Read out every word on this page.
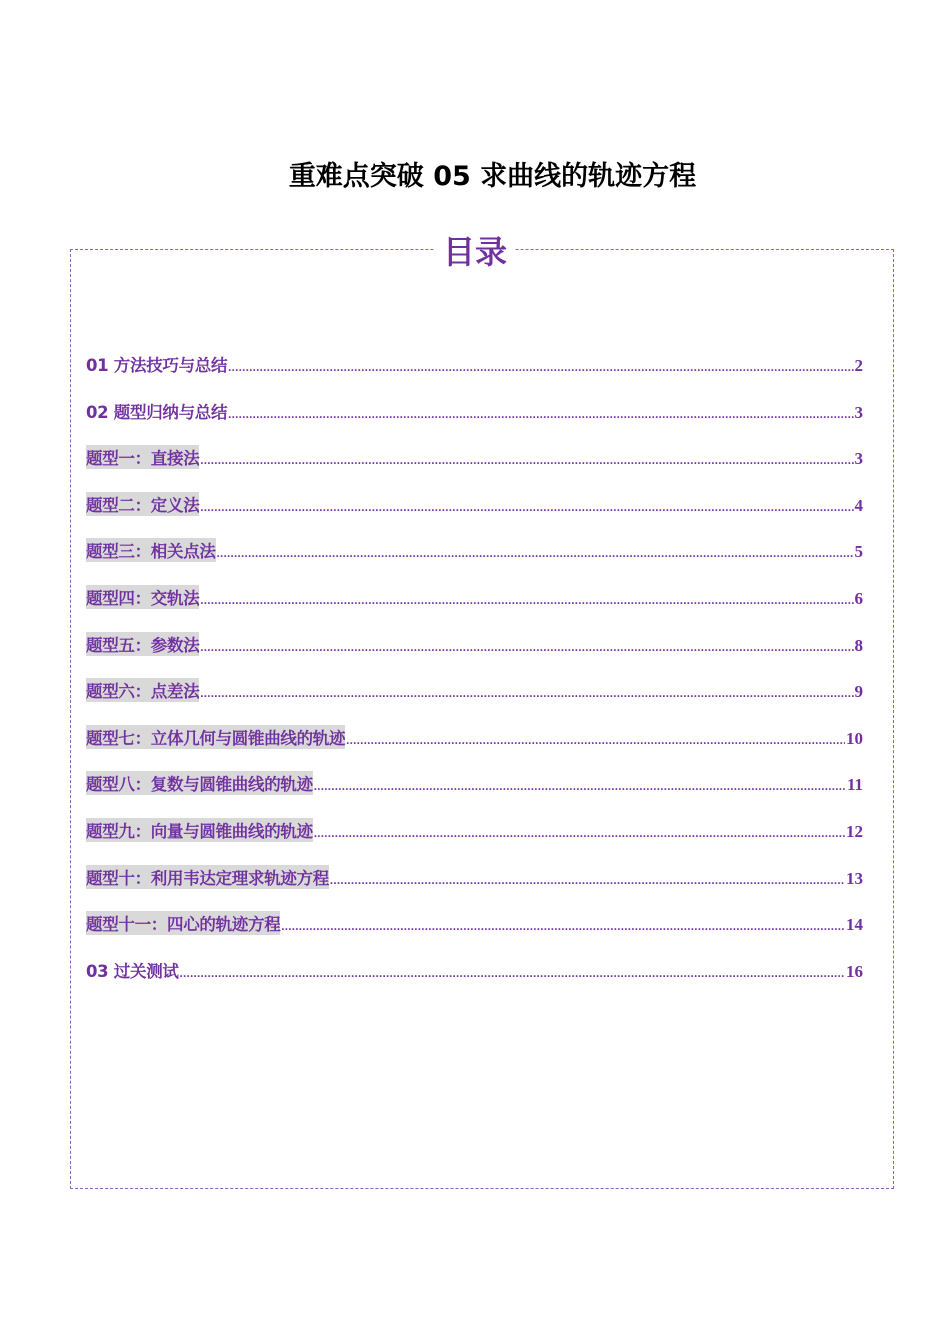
重难点突破 05 求曲线的轨迹方程
目录
01 方法技巧与总结 .....	2
02 题型归纳与总结 .....	3
题型一：直接法 .....	3
题型二：定义法 .....	4
题型三：相关点法 .....	5
题型四：交轨法 .....	6
题型五：参数法 .....	8
题型六：点差法 .....	9
题型七：立体几何与圆锥曲线的轨迹 .....	10
题型八：复数与圆锥曲线的轨迹 .....	11
题型九：向量与圆锥曲线的轨迹 .....	12
题型十：利用韦达定理求轨迹方程 .....	13
题型十一：四心的轨迹方程 .....	14
03 过关测试 .....	16
